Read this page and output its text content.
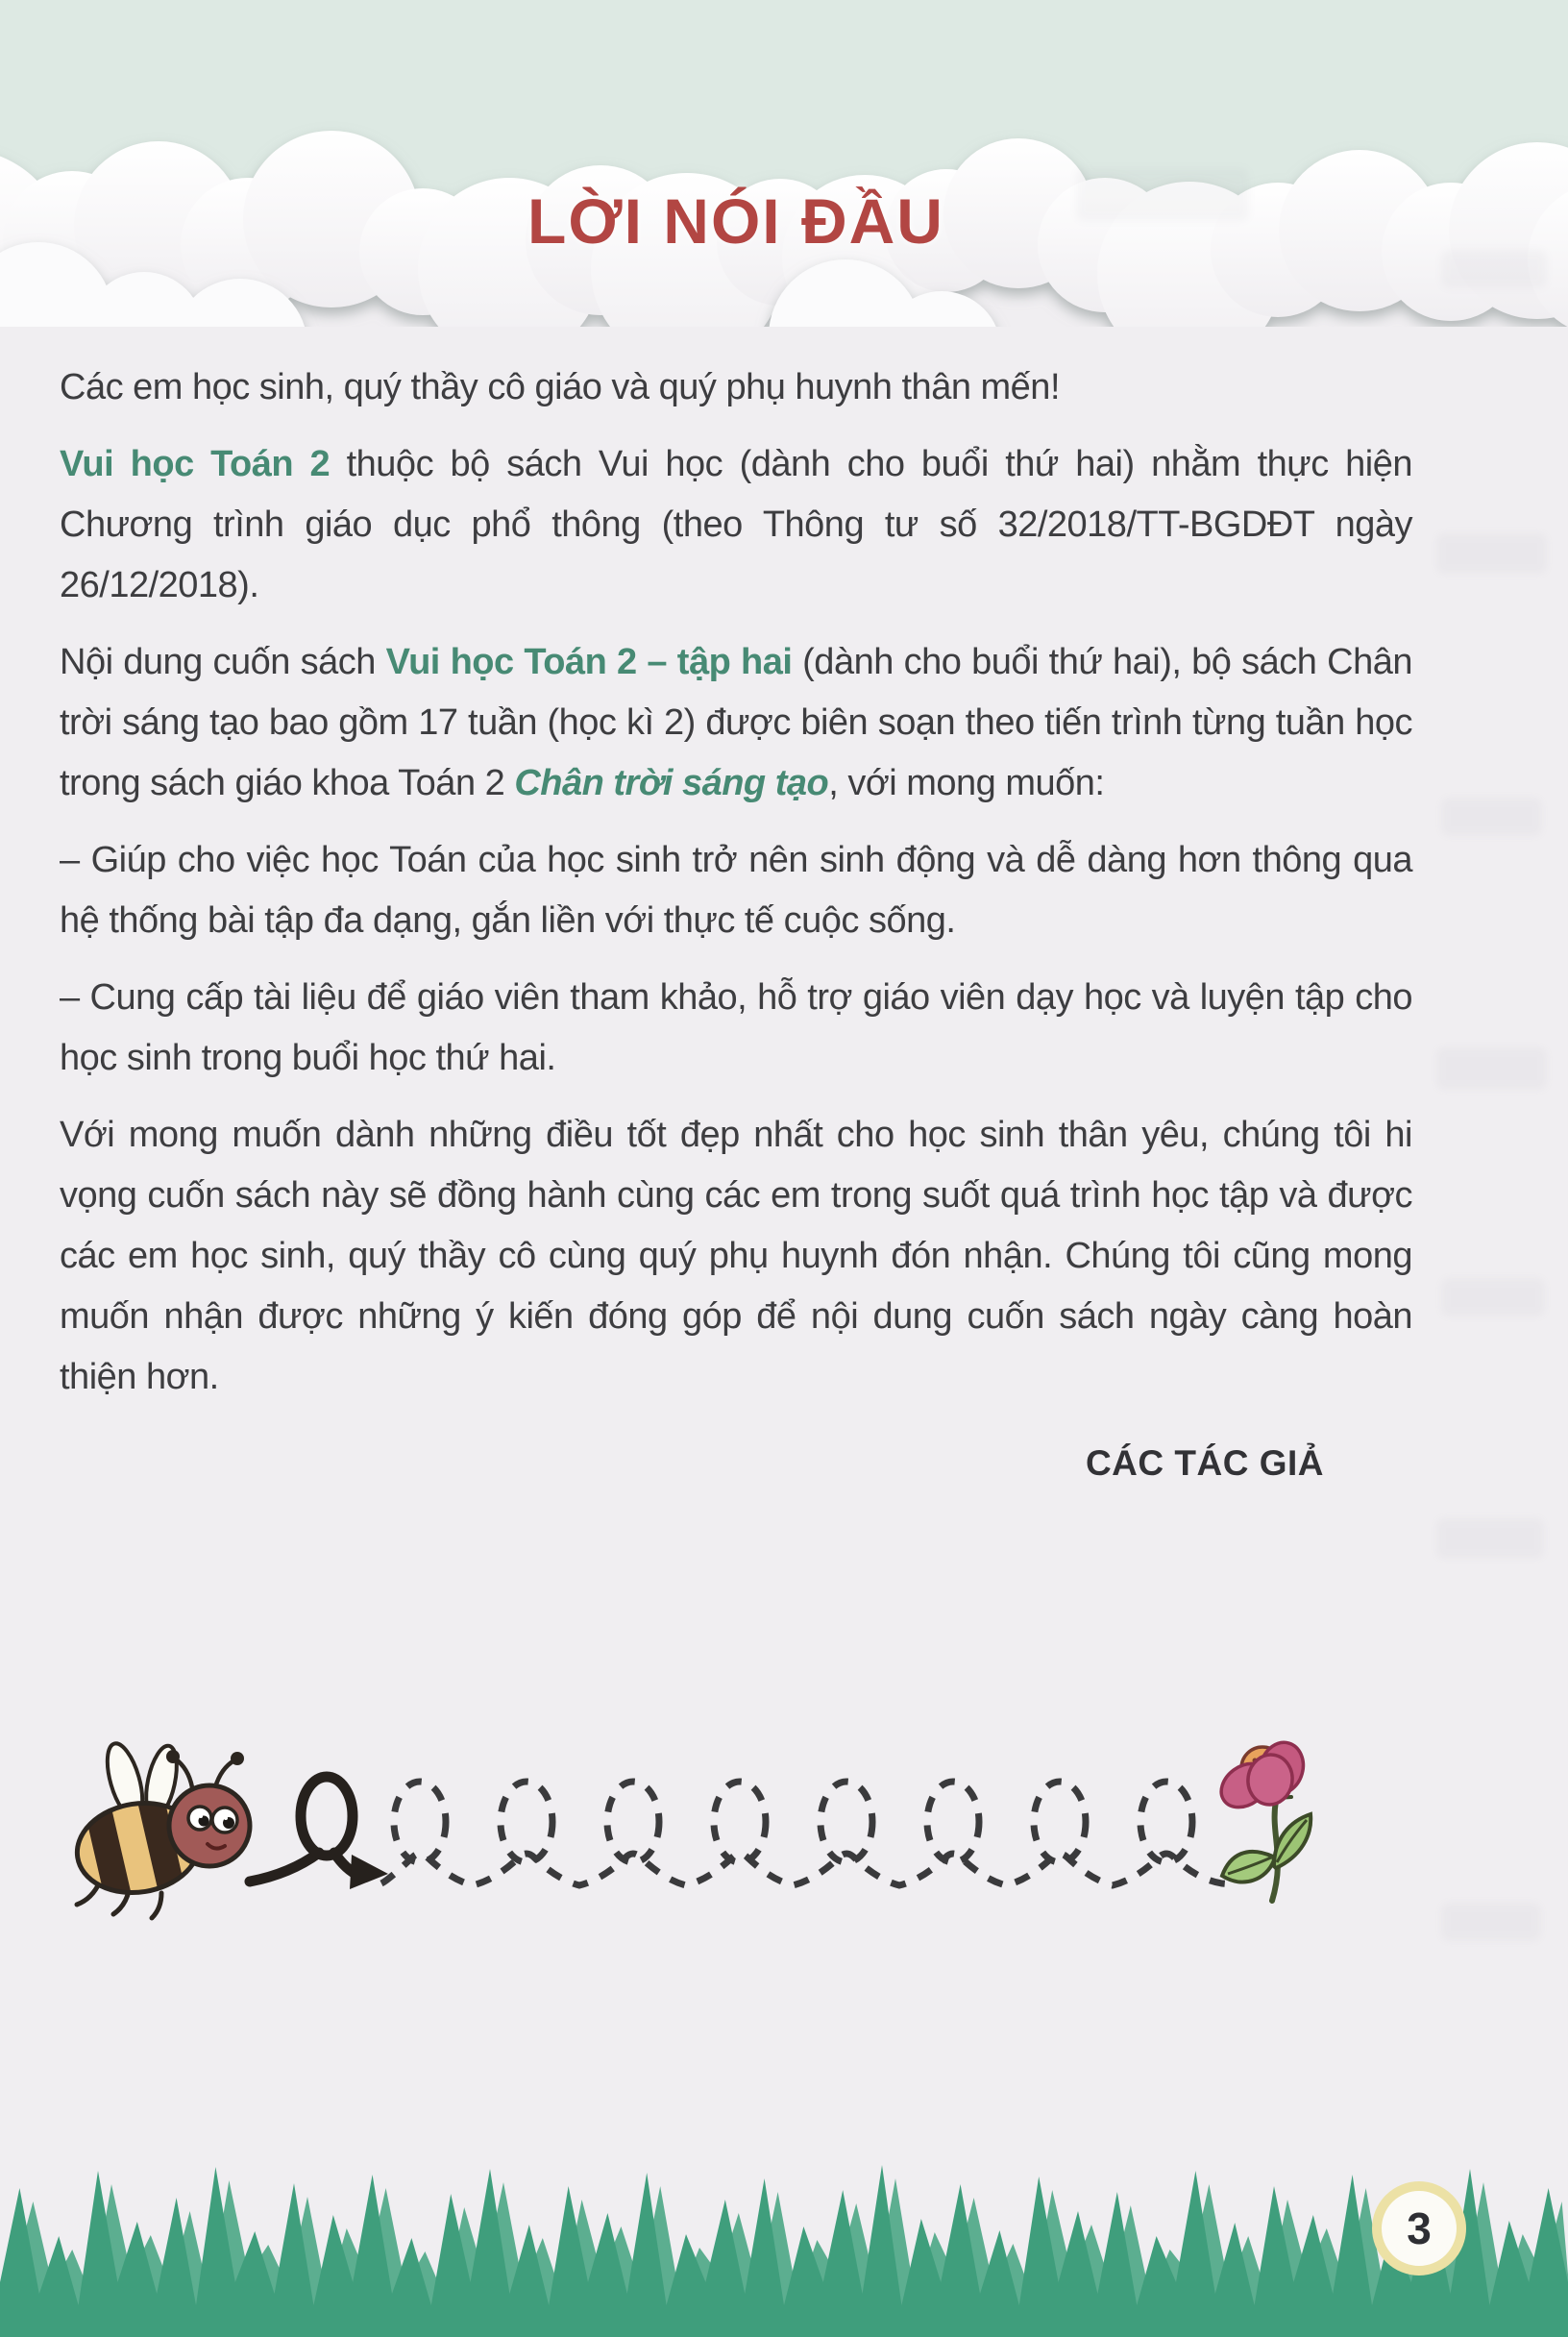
LỜI NÓI ĐẦU

Các em học sinh, quý thầy cô giáo và quý phụ huynh thân mến!

Vui học Toán 2 thuộc bộ sách Vui học (dành cho buổi thứ hai) nhằm thực hiện Chương trình giáo dục phổ thông (theo Thông tư số 32/2018/TT-BGDĐT ngày 26/12/2018).

Nội dung cuốn sách Vui học Toán 2 – tập hai (dành cho buổi thứ hai), bộ sách Chân trời sáng tạo bao gồm 17 tuần (học kì 2) được biên soạn theo tiến trình từng tuần học trong sách giáo khoa Toán 2 Chân trời sáng tạo, với mong muốn:

– Giúp cho việc học Toán của học sinh trở nên sinh động và dễ dàng hơn thông qua hệ thống bài tập đa dạng, gắn liền với thực tế cuộc sống.

– Cung cấp tài liệu để giáo viên tham khảo, hỗ trợ giáo viên dạy học và luyện tập cho học sinh trong buổi học thứ hai.

Với mong muốn dành những điều tốt đẹp nhất cho học sinh thân yêu, chúng tôi hi vọng cuốn sách này sẽ đồng hành cùng các em trong suốt quá trình học tập và được các em học sinh, quý thầy cô cùng quý phụ huynh đón nhận. Chúng tôi cũng mong muốn nhận được những ý kiến đóng góp để nội dung cuốn sách ngày càng hoàn thiện hơn.

CÁC TÁC GIẢ
3
